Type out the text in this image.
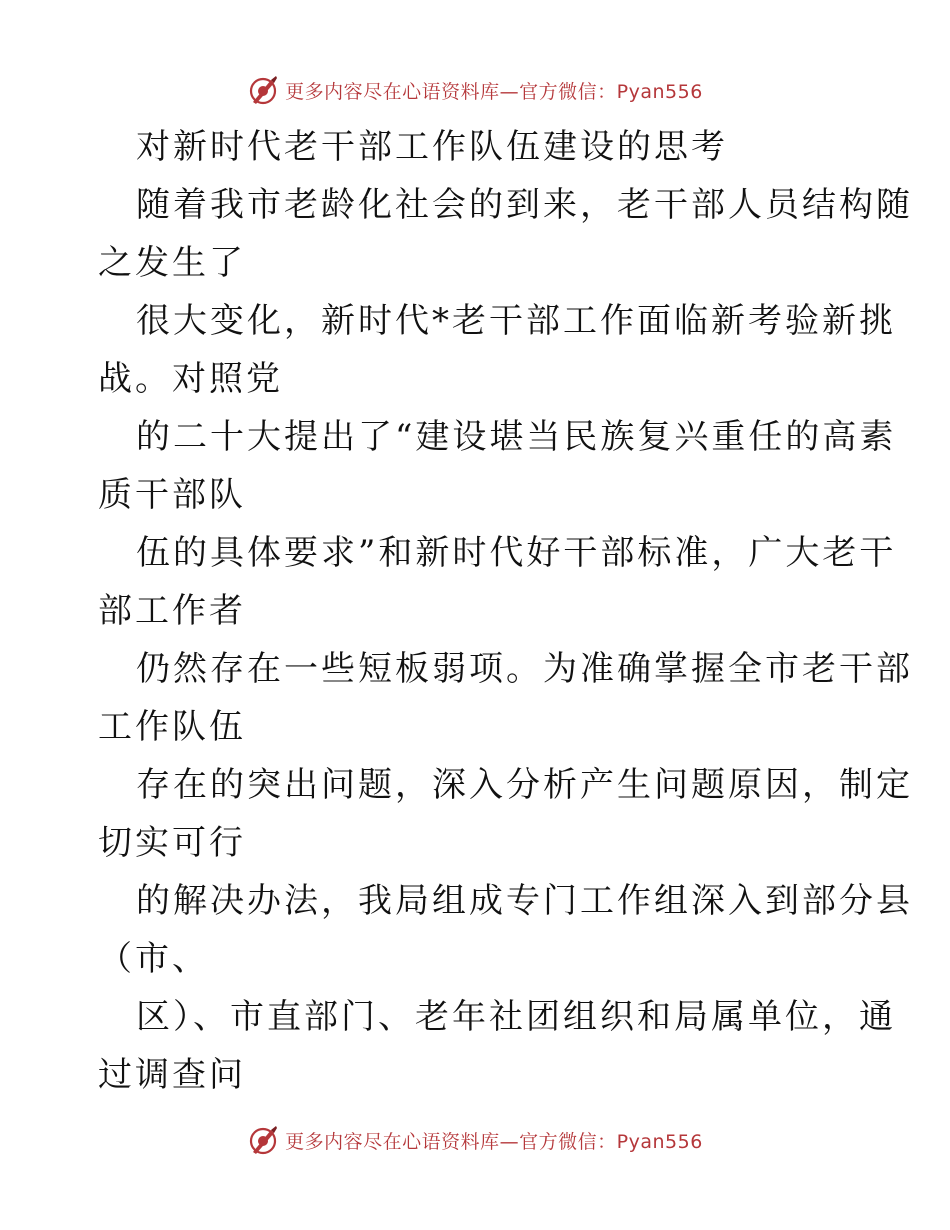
更多内容尽在心语资料库—官方微信：Pyan556
对新时代老干部工作队伍建设的思考
随着我市老龄化社会的到来，老干部人员结构随
之发生了
很大变化，新时代*老干部工作面临新考验新挑
战。对照党
的二十大提出了“建设堪当民族复兴重任的高素
质干部队
伍的具体要求”和新时代好干部标准，广大老干
部工作者
仍然存在一些短板弱项。为准确掌握全市老干部
工作队伍
存在的突出问题，深入分析产生问题原因，制定
切实可行
的解决办法，我局组成专门工作组深入到部分县
（市、
区）、市直部门、老年社团组织和局属单位，通
过调查问
更多内容尽在心语资料库—官方微信：Pyan556
